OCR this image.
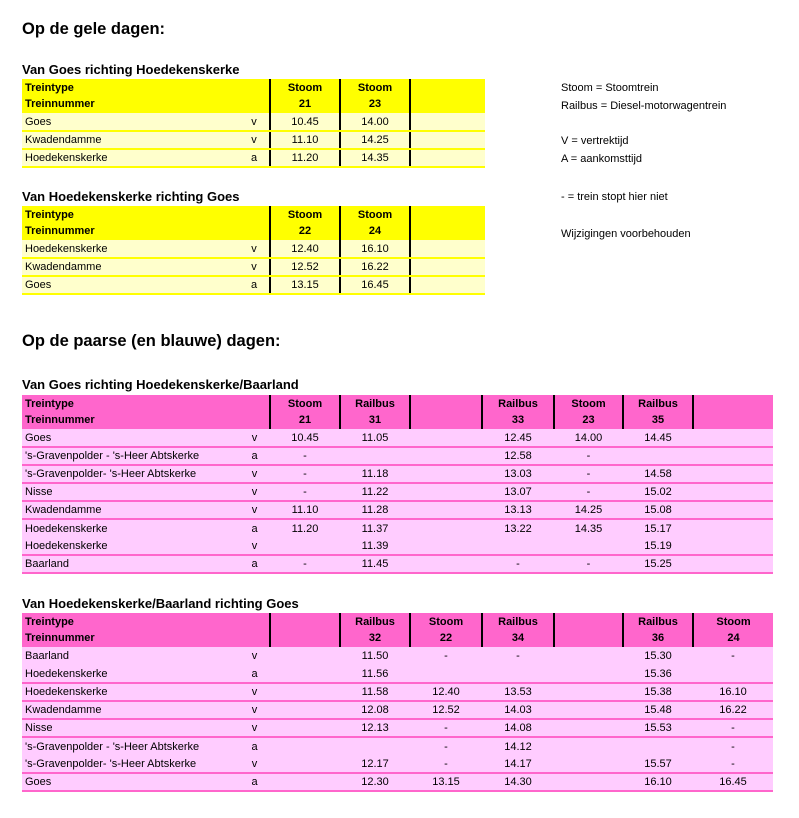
Op de gele dagen:
Van Goes richting Hoedekenskerke
Treintype		Stoom	Stoom	
Treinnummer		21	23	
Goes	v	10.45	14.00	
Kwadendamme	v	11.10	14.25	
Hoedekenskerke	a	11.20	14.35	
Van Hoedekenskerke richting Goes
Treintype		Stoom	Stoom	
Treinnummer		22	24	
Hoedekenskerke	v	12.40	16.10	
Kwadendamme	v	12.52	16.22	
Goes	a	13.15	16.45	
Stoom = Stoomtrein
Railbus = Diesel-motorwagentrein
V = vertrektijd
A = aankomsttijd
- = trein stopt hier niet
Wijzigingen voorbehouden
Op de paarse (en blauwe) dagen:
Van Goes richting Hoedekenskerke/Baarland
Treintype		Stoom	Railbus		Railbus	Stoom	Railbus	
Treinnummer		21	31		33	23	35	
Goes	v	10.45	11.05		12.45	14.00	14.45	
's-Gravenpolder - 's-Heer Abtskerke	a	-			12.58	-		
's-Gravenpolder- 's-Heer Abtskerke	v	-	11.18		13.03	-	14.58	
Nisse	v	-	11.22		13.07	-	15.02	
Kwadendamme	v	11.10	11.28		13.13	14.25	15.08	
Hoedekenskerke	a	11.20	11.37		13.22	14.35	15.17	
Hoedekenskerke	v		11.39				15.19	
Baarland	a	-	11.45		-	-	15.25	
Van Hoedekenskerke/Baarland richting Goes
Treintype			Railbus	Stoom	Railbus		Railbus	Stoom
Treinnummer			32	22	34		36	24
Baarland	v		11.50	-	-		15.30	-
Hoedekenskerke	a		11.56				15.36	
Hoedekenskerke	v		11.58	12.40	13.53		15.38	16.10
Kwadendamme	v		12.08	12.52	14.03		15.48	16.22
Nisse	v		12.13	-	14.08		15.53	-
's-Gravenpolder - 's-Heer Abtskerke	a			-	14.12			-
's-Gravenpolder- 's-Heer Abtskerke	v		12.17	-	14.17		15.57	-
Goes	a		12.30	13.15	14.30		16.10	16.45
